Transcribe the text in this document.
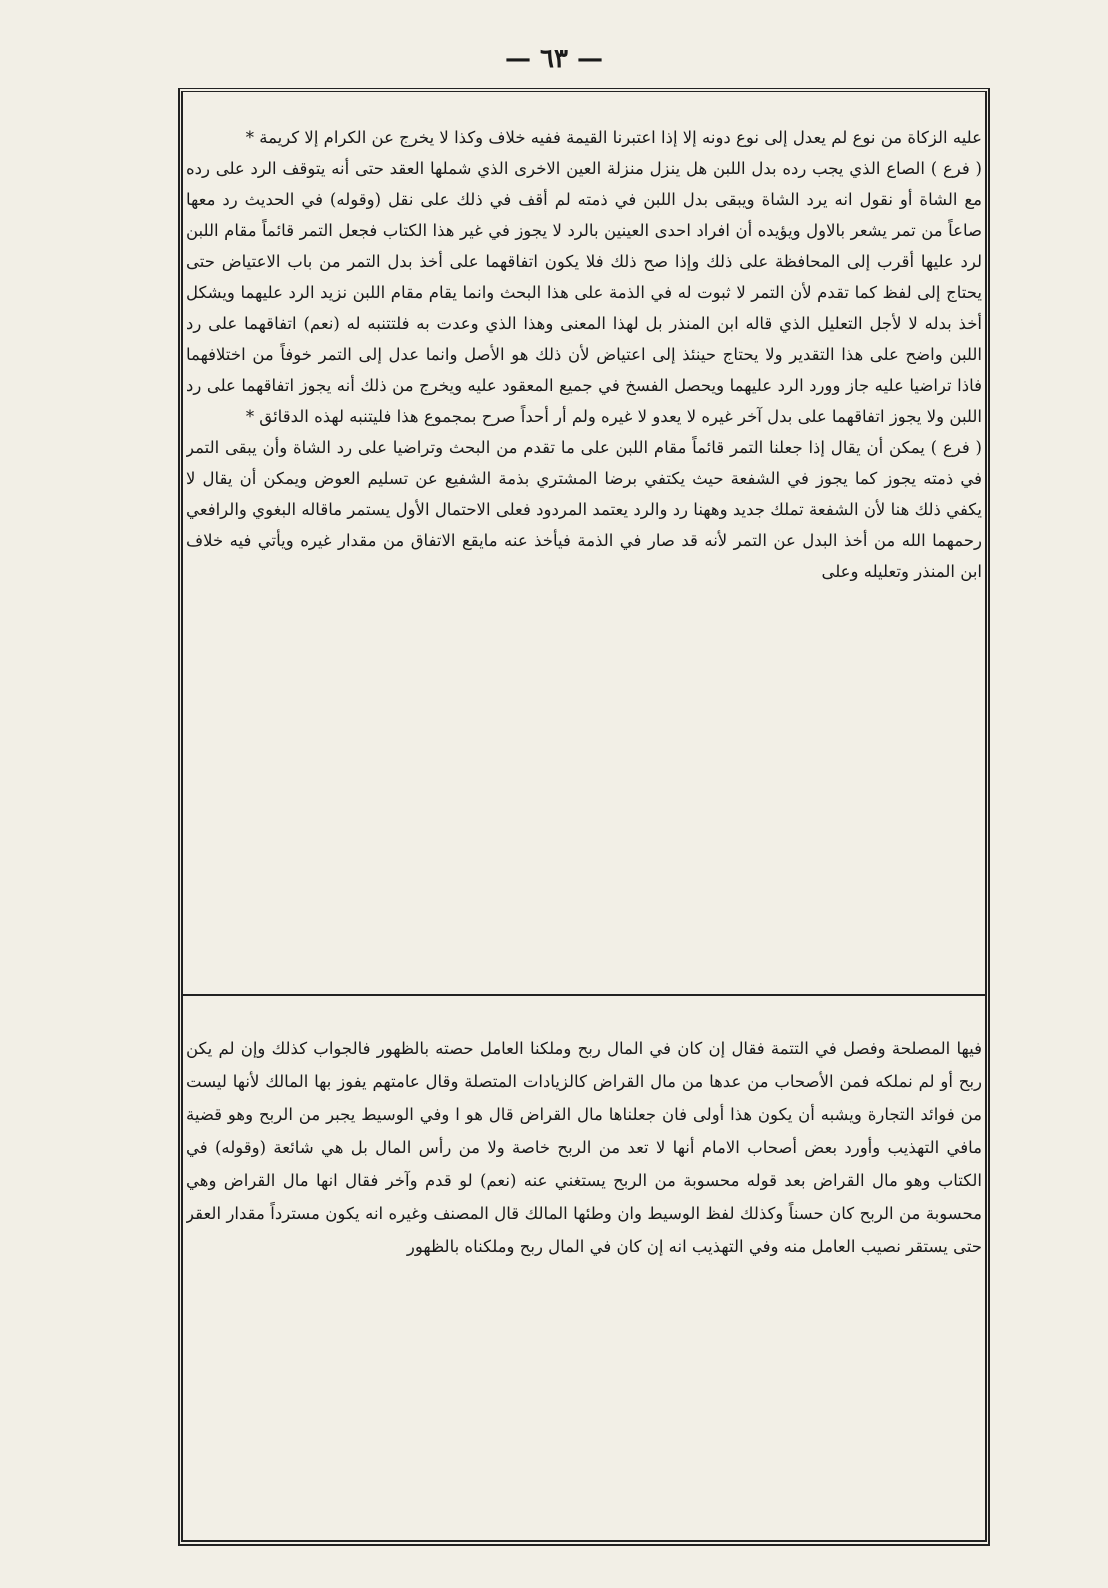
— ٦٣ —

عليه الزكاة من نوع لم يعدل إلى نوع دونه إلا إذا اعتبرنا القيمة ففيه خلاف وكذا لا يخرج عن الكرام إلا كريمة *

( فرع ) الصاع الذي يجب رده بدل اللبن هل ينزل منزلة العين الاخرى الذي شملها العقد حتى أنه يتوقف الرد على رده مع الشاة أو نقول انه يرد الشاة ويبقى بدل اللبن في ذمته لم أقف في ذلك على نقل (وقوله) في الحديث رد معها صاعاً من تمر يشعر بالاول ويؤيده أن افراد احدى العينين بالرد لا يجوز في غير هذا الكتاب فجعل التمر قائماً مقام اللبن لرد عليها أقرب إلى المحافظة على ذلك وإذا صح ذلك فلا يكون اتفاقهما على أخذ بدل التمر من باب الاعتياض حتى يحتاج إلى لفظ كما تقدم لأن التمر لا ثبوت له في الذمة على هذا البحث وانما يقام مقام اللبن نزيد الرد عليهما ويشكل أخذ بدله لا لأجل التعليل الذي قاله ابن المنذر بل لهذا المعنى وهذا الذي وعدت به فلتتنبه له (نعم) اتفاقهما على رد اللبن واضح على هذا التقدير ولا يحتاج حينئذ إلى اعتياض لأن ذلك هو الأصل وانما عدل إلى التمر خوفاً من اختلافهما فاذا تراضيا عليه جاز وورد الرد عليهما ويحصل الفسخ في جميع المعقود عليه ويخرج من ذلك أنه يجوز اتفاقهما على رد اللبن ولا يجوز اتفاقهما على بدل آخر غيره لا يعدو لا غيره ولم أر أحداً صرح بمجموع هذا فليتنبه لهذه الدقائق *

( فرع ) يمكن أن يقال إذا جعلنا التمر قائماً مقام اللبن على ما تقدم من البحث وتراضيا على رد الشاة وأن يبقى التمر في ذمته يجوز كما يجوز في الشفعة حيث يكتفي برضا المشتري بذمة الشفيع عن تسليم العوض ويمكن أن يقال لا يكفي ذلك هنا لأن الشفعة تملك جديد وههنا رد والرد يعتمد المردود فعلى الاحتمال الأول يستمر ماقاله البغوي والرافعي رحمهما الله من أخذ البدل عن التمر لأنه قد صار في الذمة فيأخذ عنه مايقع الاتفاق من مقدار غيره ويأتي فيه خلاف ابن المنذر وتعليله وعلى

فيها المصلحة وفصل في التتمة فقال إن كان في المال ربح وملكنا العامل حصته بالظهور فالجواب كذلك وإن لم يكن ربح أو لم نملكه فمن الأصحاب من عدها من مال القراض كالزيادات المتصلة وقال عامتهم يفوز بها المالك لأنها ليست من فوائد التجارة ويشبه أن يكون هذا أولى فان جعلناها مال القراض قال هو ا وفي الوسيط يجبر من الربح وهو قضية مافي التهذيب وأورد بعض أصحاب الامام أنها لا تعد من الربح خاصة ولا من رأس المال بل هي شائعة (وقوله) في الكتاب وهو مال القراض بعد قوله محسوبة من الربح يستغني عنه (نعم) لو قدم وآخر فقال انها مال القراض وهي محسوبة من الربح كان حسناً وكذلك لفظ الوسيط وان وطئها المالك قال المصنف وغيره انه يكون مسترداً مقدار العقر حتى يستقر نصيب العامل منه وفي التهذيب انه إن كان في المال ربح وملكناه بالظهور
